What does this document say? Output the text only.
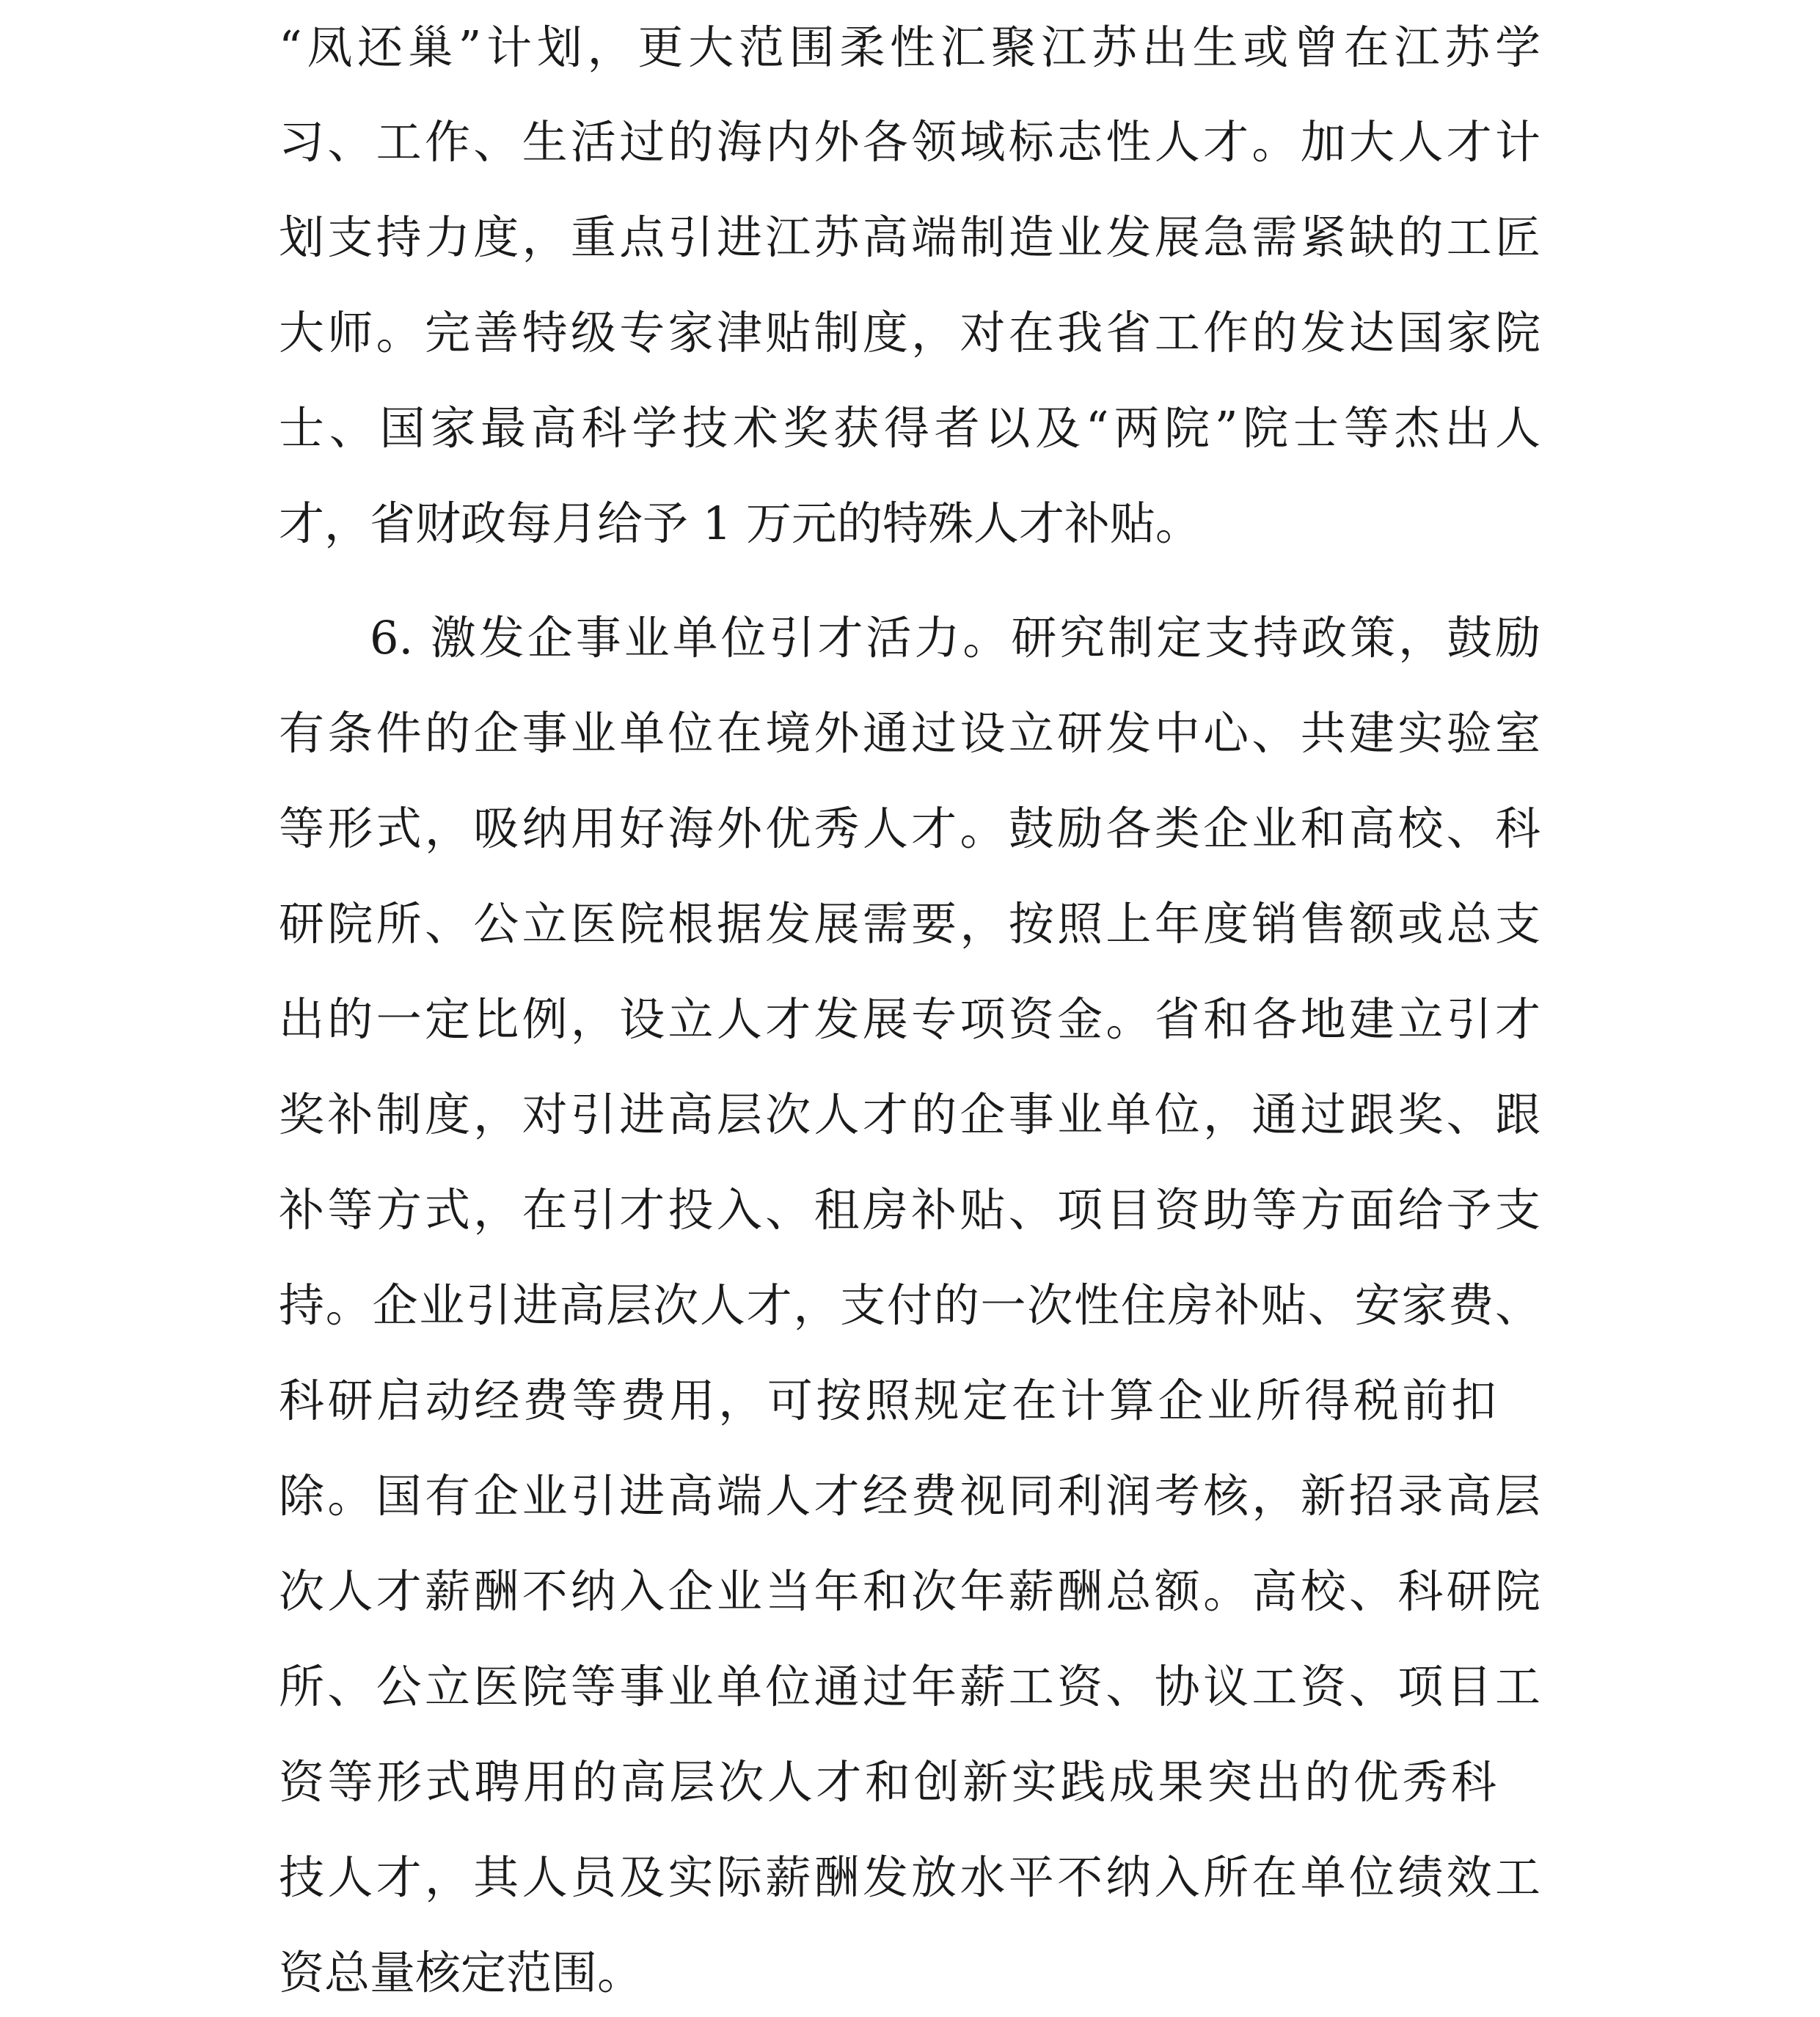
“凤还巢”计划，更大范围柔性汇聚江苏出生或曾在江苏学
习、工作、生活过的海内外各领域标志性人才。加大人才计
划支持力度，重点引进江苏高端制造业发展急需紧缺的工匠
大师。完善特级专家津贴制度，对在我省工作的发达国家院
士、国家最高科学技术奖获得者以及“两院”院士等杰出人
才，省财政每月给予 1 万元的特殊人才补贴。
6. 激发企事业单位引才活力。研究制定支持政策，鼓励
有条件的企事业单位在境外通过设立研发中心、共建实验室
等形式，吸纳用好海外优秀人才。鼓励各类企业和高校、科
研院所、公立医院根据发展需要，按照上年度销售额或总支
出的一定比例，设立人才发展专项资金。省和各地建立引才
奖补制度，对引进高层次人才的企事业单位，通过跟奖、跟
补等方式，在引才投入、租房补贴、项目资助等方面给予支
持。企业引进高层次人才，支付的一次性住房补贴、安家费、
科研启动经费等费用，可按照规定在计算企业所得税前扣
除。国有企业引进高端人才经费视同利润考核，新招录高层
次人才薪酬不纳入企业当年和次年薪酬总额。高校、科研院
所、公立医院等事业单位通过年薪工资、协议工资、项目工
资等形式聘用的高层次人才和创新实践成果突出的优秀科
技人才，其人员及实际薪酬发放水平不纳入所在单位绩效工
资总量核定范围。
